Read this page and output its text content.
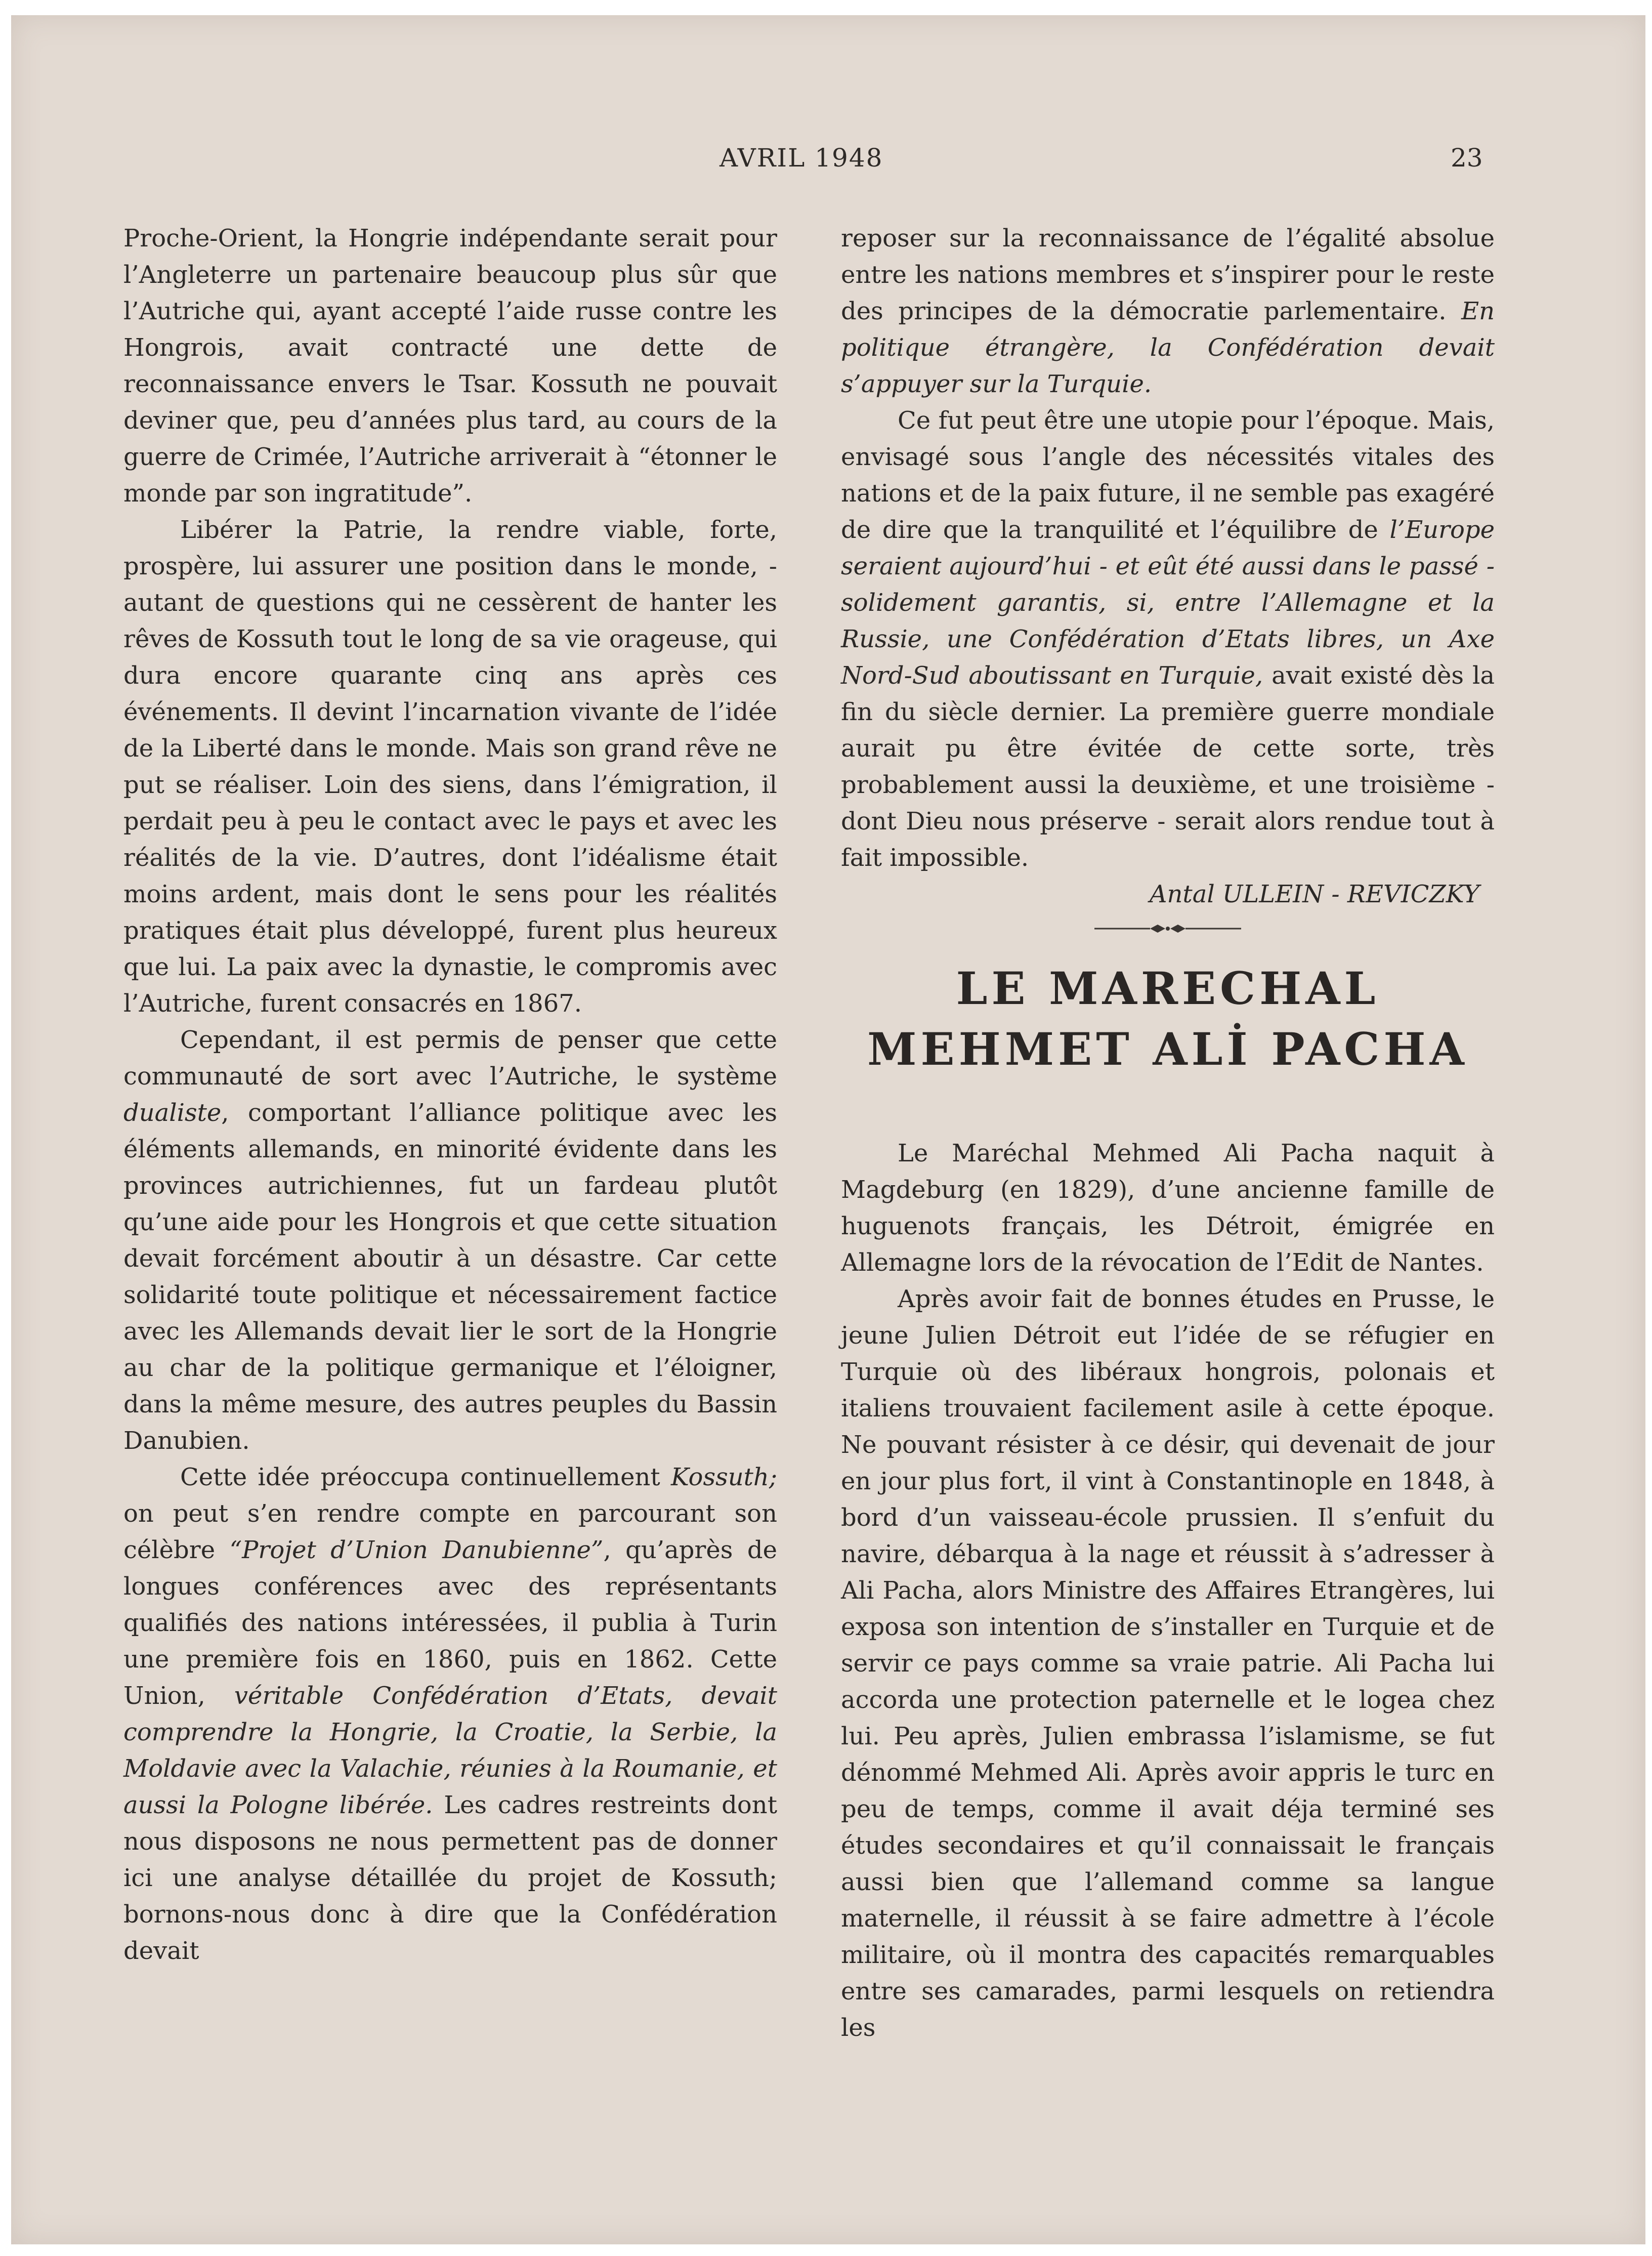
AVRIL 1948	23

Proche-Orient, la Hongrie indépendante serait pour l’Angleterre un partenaire beaucoup plus sûr que l’Autriche qui, ayant accepté l’aide russe contre les Hongrois, avait contracté une dette de reconnaissance envers le Tsar. Kossuth ne pouvait deviner que, peu d’années plus tard, au cours de la guerre de Crimée, l’Autriche arriverait à “étonner le monde par son ingratitude”.

Libérer la Patrie, la rendre viable, forte, prospère, lui assurer une position dans le monde, - autant de questions qui ne cessèrent de hanter les rêves de Kossuth tout le long de sa vie orageuse, qui dura encore quarante cinq ans après ces événements. Il devint l’incarnation vivante de l’idée de la Liberté dans le monde. Mais son grand rêve ne put se réaliser. Loin des siens, dans l’émigration, il perdait peu à peu le contact avec le pays et avec les réalités de la vie. D’autres, dont l’idéalisme était moins ardent, mais dont le sens pour les réalités pratiques était plus développé, furent plus heureux que lui. La paix avec la dynastie, le compromis avec l’Autriche, furent consacrés en 1867.

Cependant, il est permis de penser que cette communauté de sort avec l’Autriche, le système dualiste, comportant l’alliance politique avec les éléments allemands, en minorité évidente dans les provinces autrichiennes, fut un fardeau plutôt qu’une aide pour les Hongrois et que cette situation devait forcément aboutir à un désastre. Car cette solidarité toute politique et nécessairement factice avec les Allemands devait lier le sort de la Hongrie au char de la politique germanique et l’éloigner, dans la même mesure, des autres peuples du Bassin Danubien.

Cette idée préoccupa continuellement Kossuth; on peut s’en rendre compte en parcourant son célèbre “Projet d’Union Danubienne”, qu’après de longues conférences avec des représentants qualifiés des nations intéressées, il publia à Turin une première fois en 1860, puis en 1862. Cette Union, véritable Confédération d’Etats, devait comprendre la Hongrie, la Croatie, la Serbie, la Moldavie avec la Valachie, réunies à la Roumanie, et aussi la Pologne libérée. Les cadres restreints dont nous disposons ne nous permettent pas de donner ici une analyse détaillée du projet de Kossuth; bornons-nous donc à dire que la Confédération devait

reposer sur la reconnaissance de l’égalité absolue entre les nations membres et s’inspirer pour le reste des principes de la démocratie parlementaire. En politique étrangère, la Confédération devait s’appuyer sur la Turquie.

Ce fut peut être une utopie pour l’époque. Mais, envisagé sous l’angle des nécessités vitales des nations et de la paix future, il ne semble pas exagéré de dire que la tranquilité et l’équilibre de l’Europe seraient aujourd’hui - et eût été aussi dans le passé - solidement garantis, si, entre l’Allemagne et la Russie, une Confédération d’Etats libres, un Axe Nord-Sud aboutissant en Turquie, avait existé dès la fin du siècle dernier. La première guerre mondiale aurait pu être évitée de cette sorte, très probablement aussi la deuxième, et une troisième - dont Dieu nous préserve - serait alors rendue tout à fait impossible.

Antal ULLEIN - REVICZKY

LE MARECHAL
MEHMET ALİ PACHA

Le Maréchal Mehmed Ali Pacha naquit à Magdeburg (en 1829), d’une ancienne famille de huguenots français, les Détroit, émigrée en Allemagne lors de la révocation de l’Edit de Nantes.

Après avoir fait de bonnes études en Prusse, le jeune Julien Détroit eut l’idée de se réfugier en Turquie où des libéraux hongrois, polonais et italiens trouvaient facilement asile à cette époque. Ne pouvant résister à ce désir, qui devenait de jour en jour plus fort, il vint à Constantinople en 1848, à bord d’un vaisseau-école prussien. Il s’enfuit du navire, débarqua à la nage et réussit à s’adresser à Ali Pacha, alors Ministre des Affaires Etrangères, lui exposa son intention de s’installer en Turquie et de servir ce pays comme sa vraie patrie. Ali Pacha lui accorda une protection paternelle et le logea chez lui. Peu après, Julien embrassa l’islamisme, se fut dénommé Mehmed Ali. Après avoir appris le turc en peu de temps, comme il avait déja terminé ses études secondaires et qu’il connaissait le français aussi bien que l’allemand comme sa langue maternelle, il réussit à se faire admettre à l’école militaire, où il montra des capacités remarquables entre ses camarades, parmi lesquels on retiendra les
